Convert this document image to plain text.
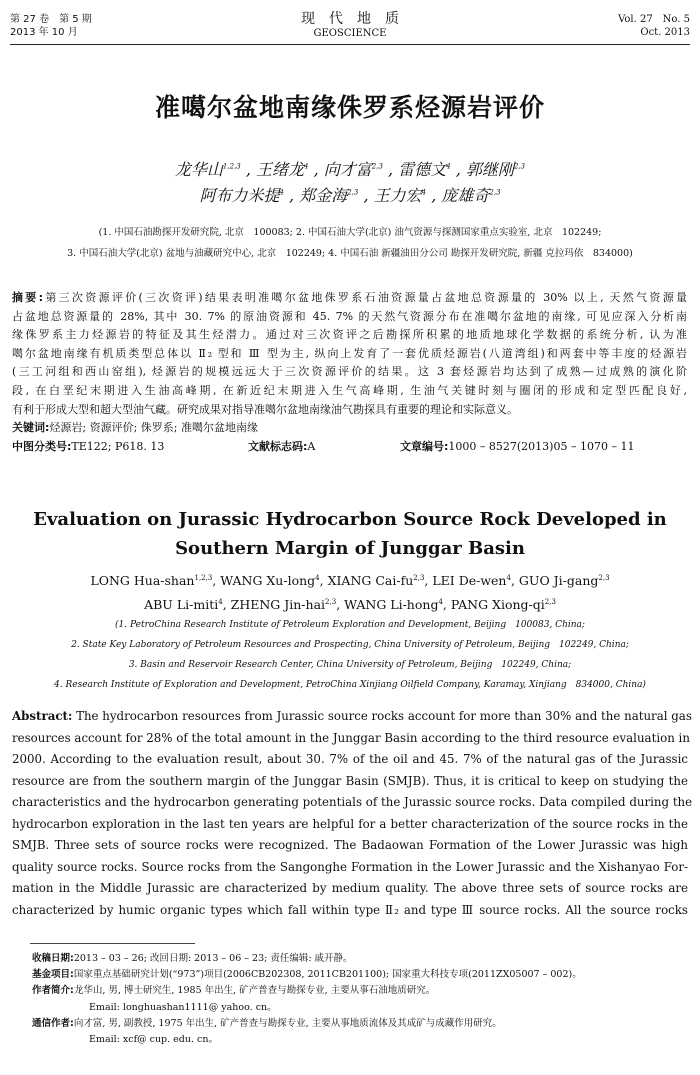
第 27 卷　第 5 期
2013 年 10 月
现　代　地　质
GEOSCIENCE
Vol. 27　No. 5
Oct. 2013
准噶尔盆地南缘侏罗系烃源岩评价
龙华山$^{1,2,3}$ , 王绪龙$^4$ , 向才富$^{2,3}$ , 雷德文$^4$ , 郭继刚$^{2,3}$
阿布力米提$^4$ , 郑金海$^{2,3}$ , 王力宏$^4$ , 庞雄奇$^{2,3}$
(1. 中国石油勘探开发研究院, 北京　100083; 2. 中国石油大学(北京) 油气资源与探测国家重点实验室, 北京　102249;
3. 中国石油大学(北京) 盆地与油藏研究中心, 北京　102249; 4. 中国石油 新疆油田分公司 勘探开发研究院, 新疆 克拉玛依　834000)
摘要:第三次资源评价(三次资评)结果表明准噶尔盆地侏罗系石油资源量占盆地总资源量的 30% 以上, 天然气资源量
占盆地总资源量的 28%, 其中 30. 7% 的原油资源和 45. 7% 的天然气资源分布在准噶尔盆地的南缘, 可见应深入分析南
缘侏罗系主力烃源岩的特征及其生烃潜力。通过对三次资评之后勘探所积累的地质地球化学数据的系统分析, 认为准
噶尔盆地南缘有机质类型总体以 Ⅱ₂ 型和 Ⅲ 型为主, 纵向上发育了一套优质烃源岩(八道湾组)和两套中等丰度的烃源岩
(三工河组和西山窑组), 烃源岩的规模远远大于三次资源评价的结果。这 3 套烃源岩均达到了成熟—过成熟的演化阶
段, 在白垩纪末期进入生油高峰期, 在新近纪末期进入生气高峰期, 生油气关键时刻与圈闭的形成和定型匹配良好,
有利于形成大型和超大型油气藏。研究成果对指导准噶尔盆地南缘油气勘探具有重要的理论和实际意义。
关键词:烃源岩; 资源评价; 侏罗系; 准噶尔盆地南缘
中图分类号:TE122; P618. 13	文献标志码:A	文章编号:1000 – 8527(2013)05 – 1070 – 11
Evaluation on Jurassic Hydrocarbon Source Rock Developed in
Southern Margin of Junggar Basin
LONG Hua-shan$^{1,2,3}$, WANG Xu-long$^4$, XIANG Cai-fu$^{2,3}$, LEI De-wen$^4$, GUO Ji-gang$^{2,3}$
ABU Li-miti$^4$, ZHENG Jin-hai$^{2,3}$, WANG Li-hong$^4$, PANG Xiong-qi$^{2,3}$
(1. PetroChina Research Institute of Petroleum Exploration and Development, Beijing　100083, China;
2. State Key Laboratory of Petroleum Resources and Prospecting, China University of Petroleum, Beijing　102249, China;
3. Basin and Reservoir Research Center, China University of Petroleum, Beijing　102249, China;
4. Research Institute of Exploration and Development, PetroChina Xinjiang Oilfield Company, Karamay, Xinjiang　834000, China)
Abstract: The hydrocarbon resources from Jurassic source rocks account for more than 30% and the natural gas
resources account for 28% of the total amount in the Junggar Basin according to the third resource evaluation in
2000. According to the evaluation result, about 30. 7% of the oil and 45. 7% of the natural gas of the Jurassic
resource are from the southern margin of the Junggar Basin (SMJB). Thus, it is critical to keep on studying the
characteristics and the hydrocarbon generating potentials of the Jurassic source rocks. Data compiled during the
hydrocarbon exploration in the last ten years are helpful for a better characterization of the source rocks in the
SMJB. Three sets of source rocks were recognized. The Badaowan Formation of the Lower Jurassic was high
quality source rocks. Source rocks from the Sangonghe Formation in the Lower Jurassic and the Xishanyao For-
mation in the Middle Jurassic are characterized by medium quality. The above three sets of source rocks are
characterized by humic organic types which fall within type Ⅱ₂ and type Ⅲ source rocks. All the source rocks
收稿日期:2013 – 03 – 26; 改回日期: 2013 – 06 – 23; 责任编辑: 戚开静。
基金项目:国家重点基础研究计划(“973”)项目(2006CB202308, 2011CB201100); 国家重大科技专项(2011ZX05007 – 002)。
作者简介:龙华山, 男, 博士研究生, 1985 年出生, 矿产普查与勘探专业, 主要从事石油地质研究。
Email: longhuashan1111@ yahoo. cn。
通信作者:向才富, 男, 副教授, 1975 年出生, 矿产普查与勘探专业, 主要从事地质流体及其成矿与成藏作用研究。
Email: xcf@ cup. edu. cn。
